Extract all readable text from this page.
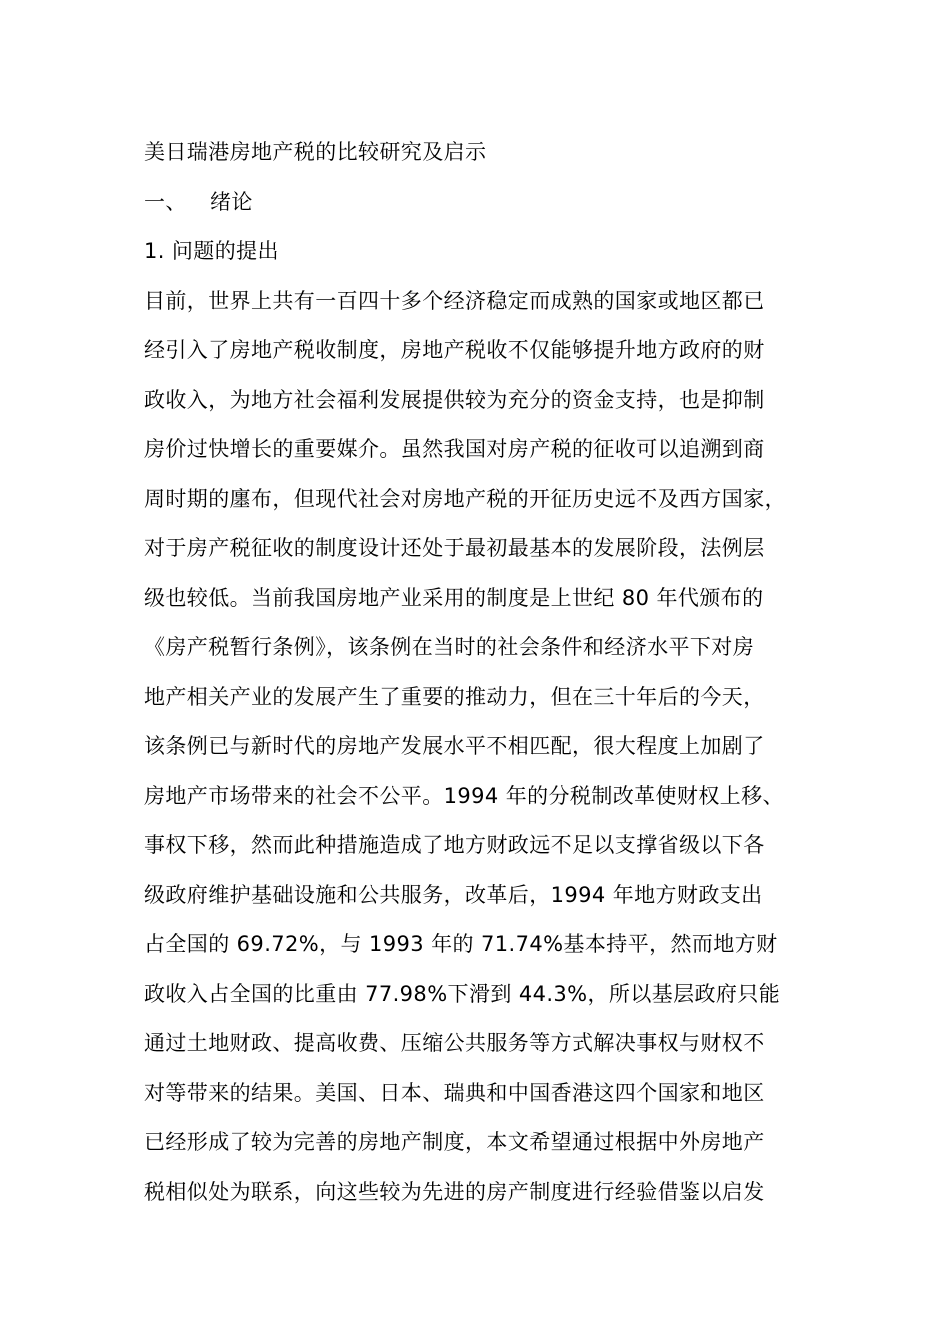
美日瑞港房地产税的比较研究及启示
一、 绪论
1. 问题的提出
目前，世界上共有一百四十多个经济稳定而成熟的国家或地区都已
经引入了房地产税收制度，房地产税收不仅能够提升地方政府的财
政收入，为地方社会福利发展提供较为充分的资金支持，也是抑制
房价过快增长的重要媒介。虽然我国对房产税的征收可以追溯到商
周时期的廛布，但现代社会对房地产税的开征历史远不及西方国家，
对于房产税征收的制度设计还处于最初最基本的发展阶段，法例层
级也较低。当前我国房地产业采用的制度是上世纪 80 年代颁布的
《房产税暂行条例》，该条例在当时的社会条件和经济水平下对房
地产相关产业的发展产生了重要的推动力，但在三十年后的今天，
该条例已与新时代的房地产发展水平不相匹配，很大程度上加剧了
房地产市场带来的社会不公平。1994 年的分税制改革使财权上移、
事权下移，然而此种措施造成了地方财政远不足以支撑省级以下各
级政府维护基础设施和公共服务，改革后，1994 年地方财政支出
占全国的 69.72%，与 1993 年的 71.74%基本持平，然而地方财
政收入占全国的比重由 77.98%下滑到 44.3%，所以基层政府只能
通过土地财政、提高收费、压缩公共服务等方式解决事权与财权不
对等带来的结果。美国、日本、瑞典和中国香港这四个国家和地区
已经形成了较为完善的房地产制度，本文希望通过根据中外房地产
税相似处为联系，向这些较为先进的房产制度进行经验借鉴以启发
